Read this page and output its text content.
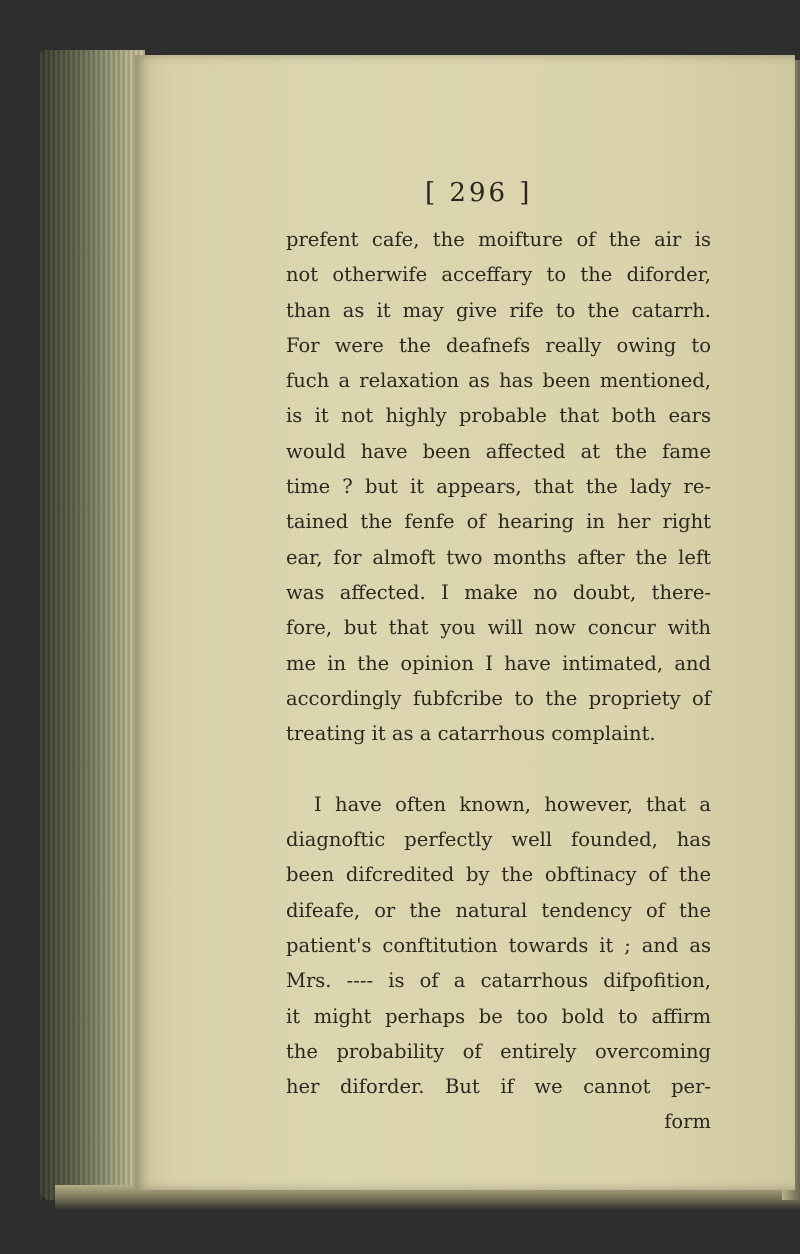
[ 296 ]
prefent cafe, the moifture of the air is
not otherwife acceffary to the diforder,
than as it may give rife to the catarrh.
For were the deafnefs really owing to
fuch a relaxation as has been mentioned,
is it not highly probable that both ears
would have been affected at the fame
time ? but it appears, that the lady re-
tained the fenfe of hearing in her right
ear, for almoft two months after the left
was affected. I make no doubt, there-
fore, but that you will now concur with
me in the opinion I have intimated, and
accordingly fubfcribe to the propriety of
treating it as a catarrhous complaint.
I have often known, however, that a
diagnoftic perfectly well founded, has
been difcredited by the obftinacy of the
difeafe, or the natural tendency of the
patient's conftitution towards it ; and as
Mrs. ---- is of a catarrhous difpofition,
it might perhaps be too bold to affirm
the probability of entirely overcoming
her diforder. But if we cannot per-
form
